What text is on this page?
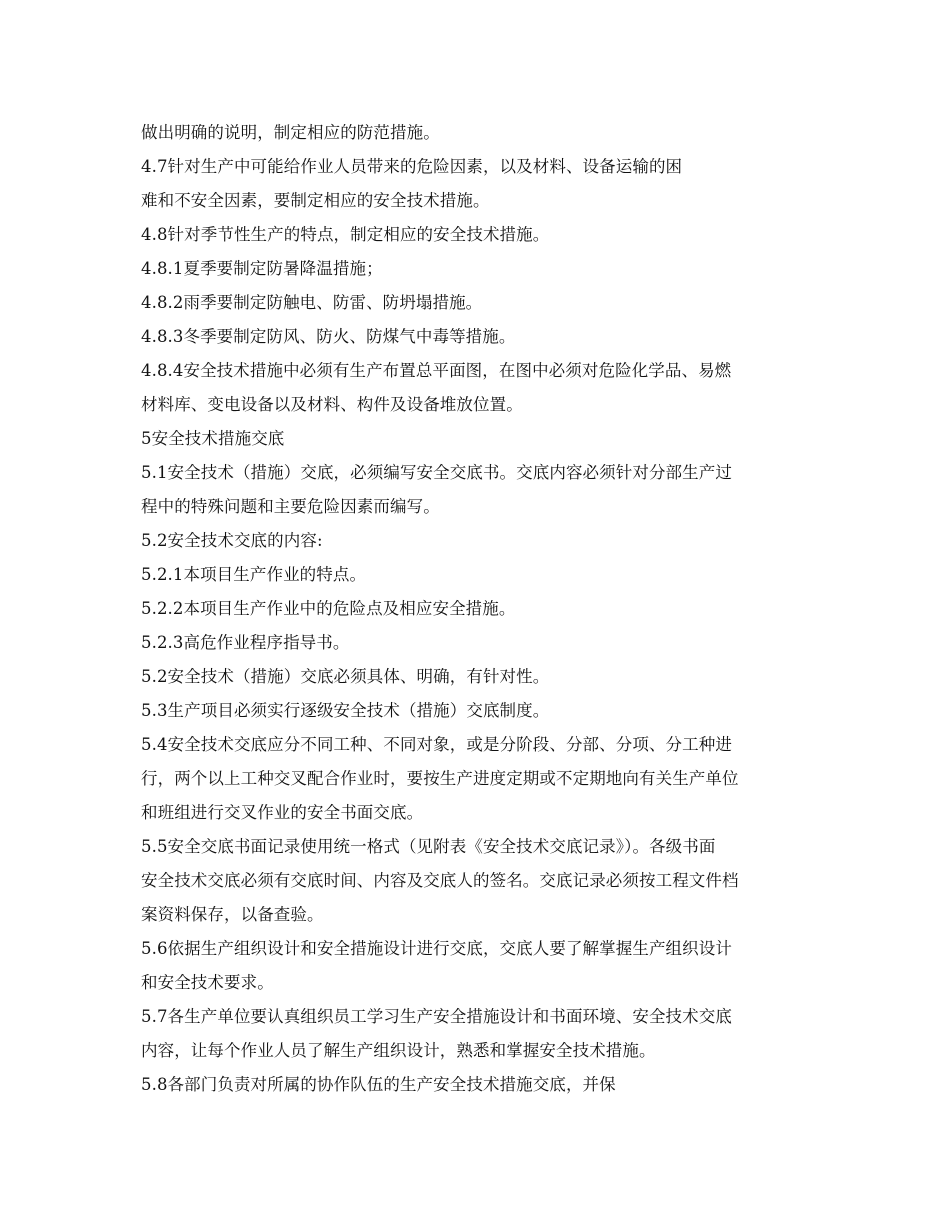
做出明确的说明，制定相应的防范措施。
4.7针对生产中可能给作业人员带来的危险因素，以及材料、设备运输的困
难和不安全因素，要制定相应的安全技术措施。
4.8针对季节性生产的特点，制定相应的安全技术措施。
4.8.1夏季要制定防暑降温措施；
4.8.2雨季要制定防触电、防雷、防坍塌措施。
4.8.3冬季要制定防风、防火、防煤气中毒等措施。
4.8.4安全技术措施中必须有生产布置总平面图，在图中必须对危险化学品、易燃
材料库、变电设备以及材料、构件及设备堆放位置。
5安全技术措施交底
5.1安全技术（措施）交底，必须编写安全交底书。交底内容必须针对分部生产过
程中的特殊问题和主要危险因素而编写。
5.2安全技术交底的内容:
5.2.1本项目生产作业的特点。
5.2.2本项目生产作业中的危险点及相应安全措施。
5.2.3高危作业程序指导书。
5.2安全技术（措施）交底必须具体、明确，有针对性。
5.3生产项目必须实行逐级安全技术（措施）交底制度。
5.4安全技术交底应分不同工种、不同对象，或是分阶段、分部、分项、分工种进
行，两个以上工种交叉配合作业时，要按生产进度定期或不定期地向有关生产单位
和班组进行交叉作业的安全书面交底。
5.5安全交底书面记录使用统一格式（见附表《安全技术交底记录》）。各级书面
安全技术交底必须有交底时间、内容及交底人的签名。交底记录必须按工程文件档
案资料保存，以备查验。
5.6依据生产组织设计和安全措施设计进行交底，交底人要了解掌握生产组织设计
和安全技术要求。
5.7各生产单位要认真组织员工学习生产安全措施设计和书面环境、安全技术交底
内容，让每个作业人员了解生产组织设计，熟悉和掌握安全技术措施。
5.8各部门负责对所属的协作队伍的生产安全技术措施交底，并保
